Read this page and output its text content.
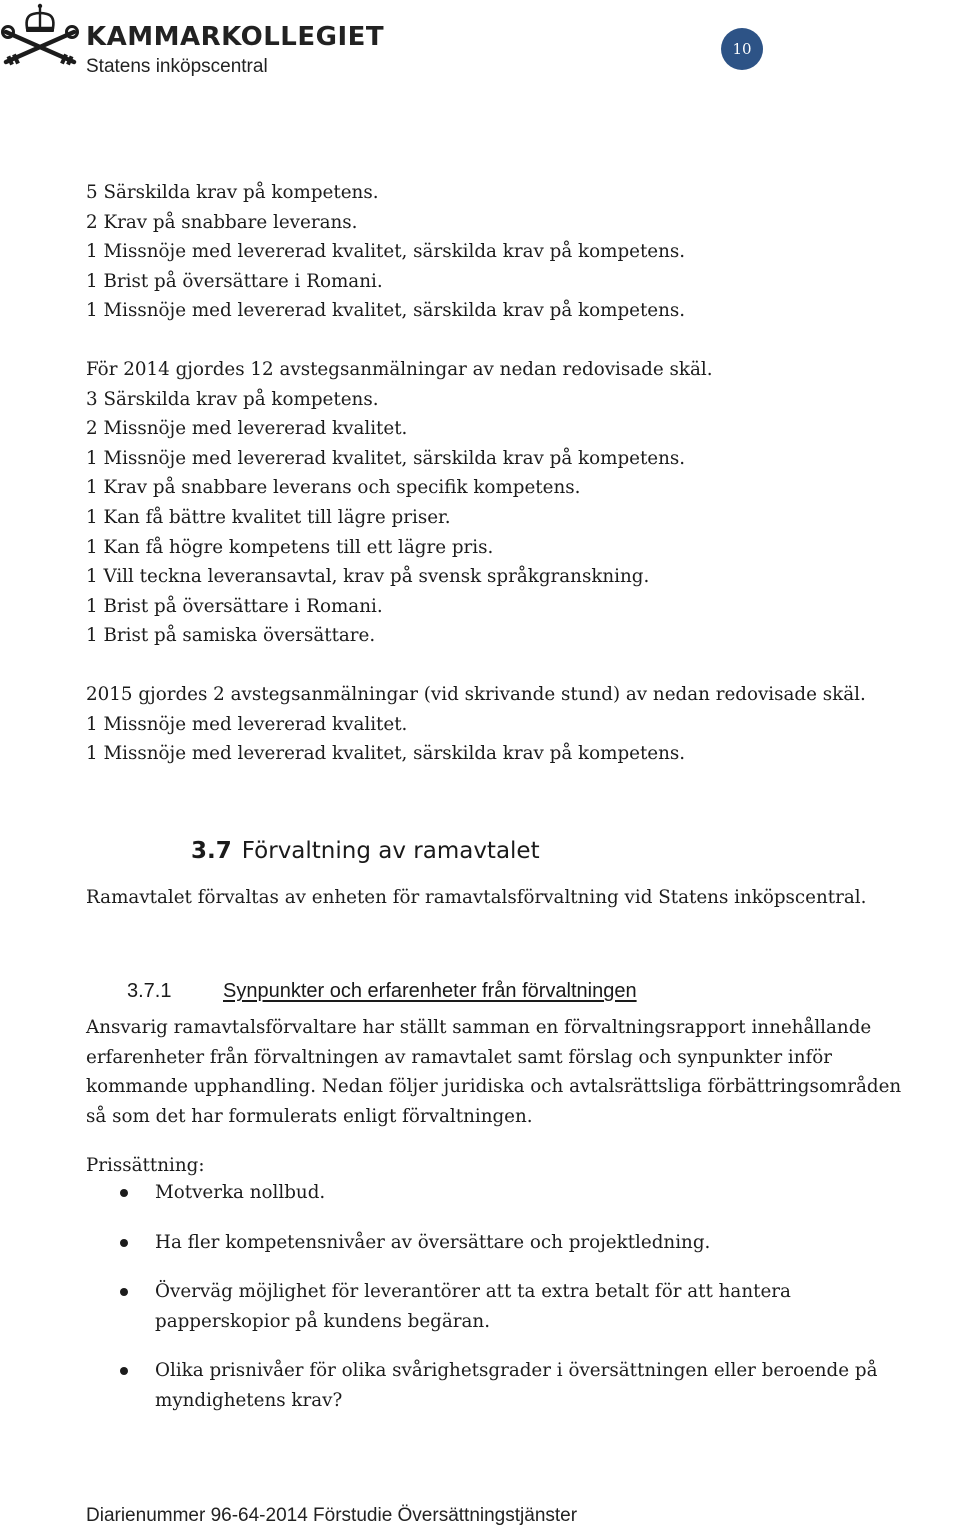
KAMMARKOLLEGIET
Statens inköpscentral
10
5 Särskilda krav på kompetens.
2 Krav på snabbare leverans.
1 Missnöje med levererad kvalitet, särskilda krav på kompetens.
1 Brist på översättare i Romani.
1 Missnöje med levererad kvalitet, särskilda krav på kompetens.
För 2014 gjordes 12 avstegsanmälningar av nedan redovisade skäl.
3 Särskilda krav på kompetens.
2 Missnöje med levererad kvalitet.
1 Missnöje med levererad kvalitet, särskilda krav på kompetens.
1 Krav på snabbare leverans och specifik kompetens.
1 Kan få bättre kvalitet till lägre priser.
1 Kan få högre kompetens till ett lägre pris.
1 Vill teckna leveransavtal, krav på svensk språkgranskning.
1 Brist på översättare i Romani.
1 Brist på samiska översättare.
2015 gjordes 2 avstegsanmälningar (vid skrivande stund) av nedan redovisade skäl.
1 Missnöje med levererad kvalitet.
1 Missnöje med levererad kvalitet, särskilda krav på kompetens.
3.7 Förvaltning av ramavtalet
Ramavtalet förvaltas av enheten för ramavtalsförvaltning vid Statens inköpscentral.
3.7.1	Synpunkter och erfarenheter från förvaltningen
Ansvarig ramavtalsförvaltare har ställt samman en förvaltningsrapport innehållande
erfarenheter från förvaltningen av ramavtalet samt förslag och synpunkter inför
kommande upphandling. Nedan följer juridiska och avtalsrättsliga förbättringsområden
så som det har formulerats enligt förvaltningen.
Prissättning:
Motverka nollbud.
Ha fler kompetensnivåer av översättare och projektledning.
Överväg möjlighet för leverantörer att ta extra betalt för att hantera papperskopior på kundens begäran.
Olika prisnivåer för olika svårighetsgrader i översättningen eller beroende på myndighetens krav?
Diarienummer 96-64-2014 Förstudie Översättningstjänster
